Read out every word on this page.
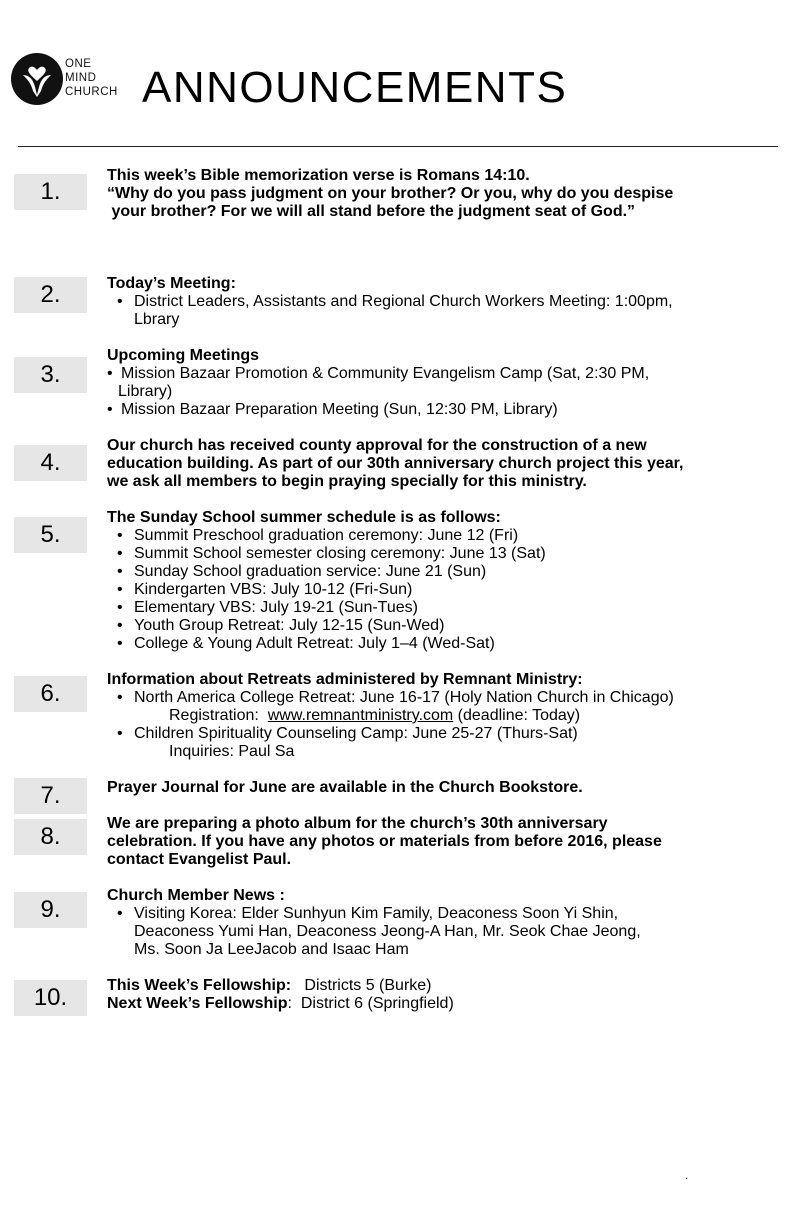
ONE
MIND
CHURCH ANNOUNCEMENTS
1.
This week’s Bible memorization verse is Romans 14:10.
“Why do you pass judgment on your brother? Or you, why do you despise
your brother? For we will all stand before the judgment seat of God.”
2.	Today’s Meeting:
• District Leaders, Assistants and Regional Church Workers Meeting: 1:00pm,
Lbrary
3.
Upcoming Meetings
• Mission Bazaar Promotion & Community Evangelism Camp (Sat, 2:30 PM,
Library)
• Mission Bazaar Preparation Meeting (Sun, 12:30 PM, Library)
4.
Our church has received county approval for the construction of a new
education building. As part of our 30th anniversary church project this year,
we ask all members to begin praying specially for this ministry.
5.
The Sunday School summer schedule is as follows:
• Summit Preschool graduation ceremony: June 12 (Fri)
• Summit School semester closing ceremony: June 13 (Sat)
• Sunday School graduation service: June 21 (Sun)
• Kindergarten VBS: July 10-12 (Fri-Sun)
• Elementary VBS: July 19-21 (Sun-Tues)
• Youth Group Retreat: July 12-15 (Sun-Wed)
• College & Young Adult Retreat: July 1–4 (Wed-Sat)
6.
Information about Retreats administered by Remnant Ministry:
• North America College Retreat: June 16-17 (Holy Nation Church in Chicago)
Registration:  www.remnantministry.com (deadline: Today)
• Children Spirituality Counseling Camp: June 25-27 (Thurs-Sat)
Inquiries: Paul Sa
7.	Prayer Journal for June are available in the Church Bookstore.
8.	We are preparing a photo album for the church’s 30th anniversary
celebration. If you have any photos or materials from before 2016, please
contact Evangelist Paul.
9.
Church Member News :
• Visiting Korea: Elder Sunhyun Kim Family, Deaconess Soon Yi Shin,
Deaconess Yumi Han, Deaconess Jeong-A Han, Mr. Seok Chae Jeong,
Ms. Soon Ja LeeJacob and Isaac Ham
10.	This Week’s Fellowship:   Districts 5 (Burke)
Next Week’s Fellowship:  District 6 (Springfield)
.
